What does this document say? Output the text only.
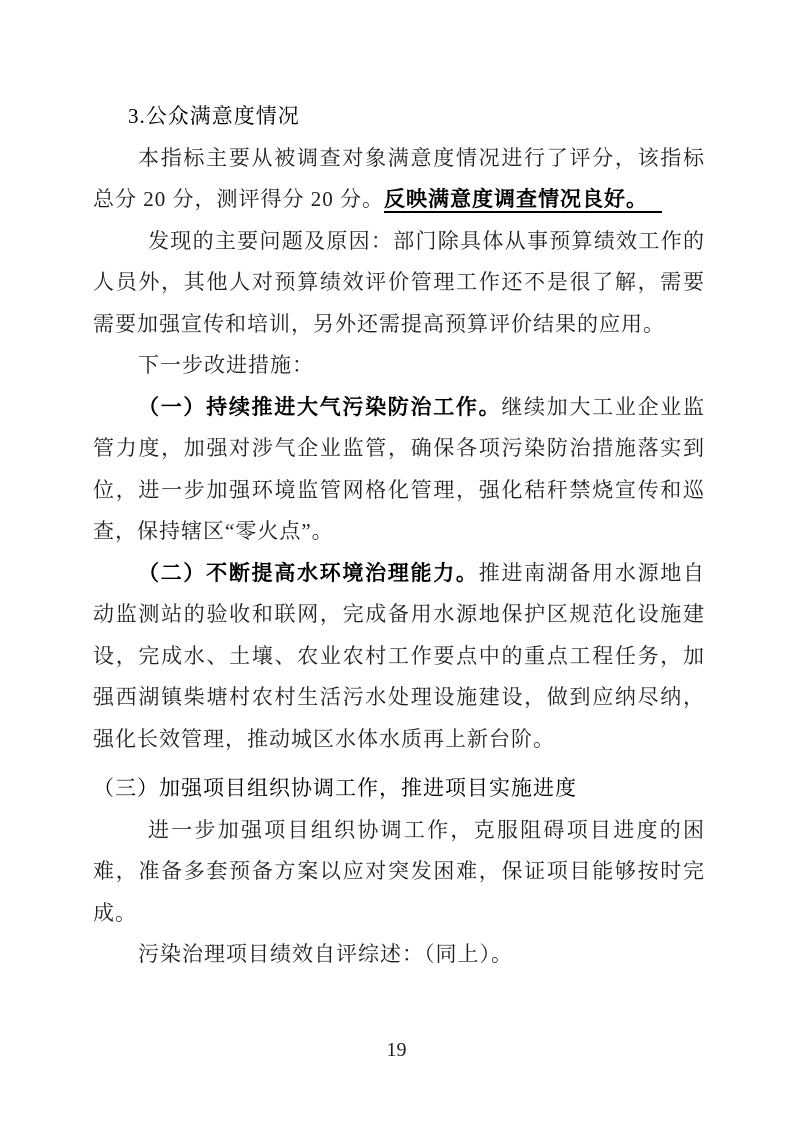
3.公众满意度情况

本指标主要从被调查对象满意度情况进行了评分，该指标总分 20 分，测评得分 20 分。反映满意度调查情况良好。

发现的主要问题及原因：部门除具体从事预算绩效工作的人员外，其他人对预算绩效评价管理工作还不是很了解，需要需要加强宣传和培训，另外还需提高预算评价结果的应用。

下一步改进措施：

（一）持续推进大气污染防治工作。继续加大工业企业监管力度，加强对涉气企业监管，确保各项污染防治措施落实到位，进一步加强环境监管网格化管理，强化秸秆禁烧宣传和巡查，保持辖区“零火点”。

（二）不断提高水环境治理能力。推进南湖备用水源地自动监测站的验收和联网，完成备用水源地保护区规范化设施建设，完成水、土壤、农业农村工作要点中的重点工程任务，加强西湖镇柴塘村农村生活污水处理设施建设，做到应纳尽纳，强化长效管理，推动城区水体水质再上新台阶。

（三）加强项目组织协调工作，推进项目实施进度

进一步加强项目组织协调工作，克服阻碍项目进度的困难，准备多套预备方案以应对突发困难，保证项目能够按时完成。

污染治理项目绩效自评综述：（同上）。

19
